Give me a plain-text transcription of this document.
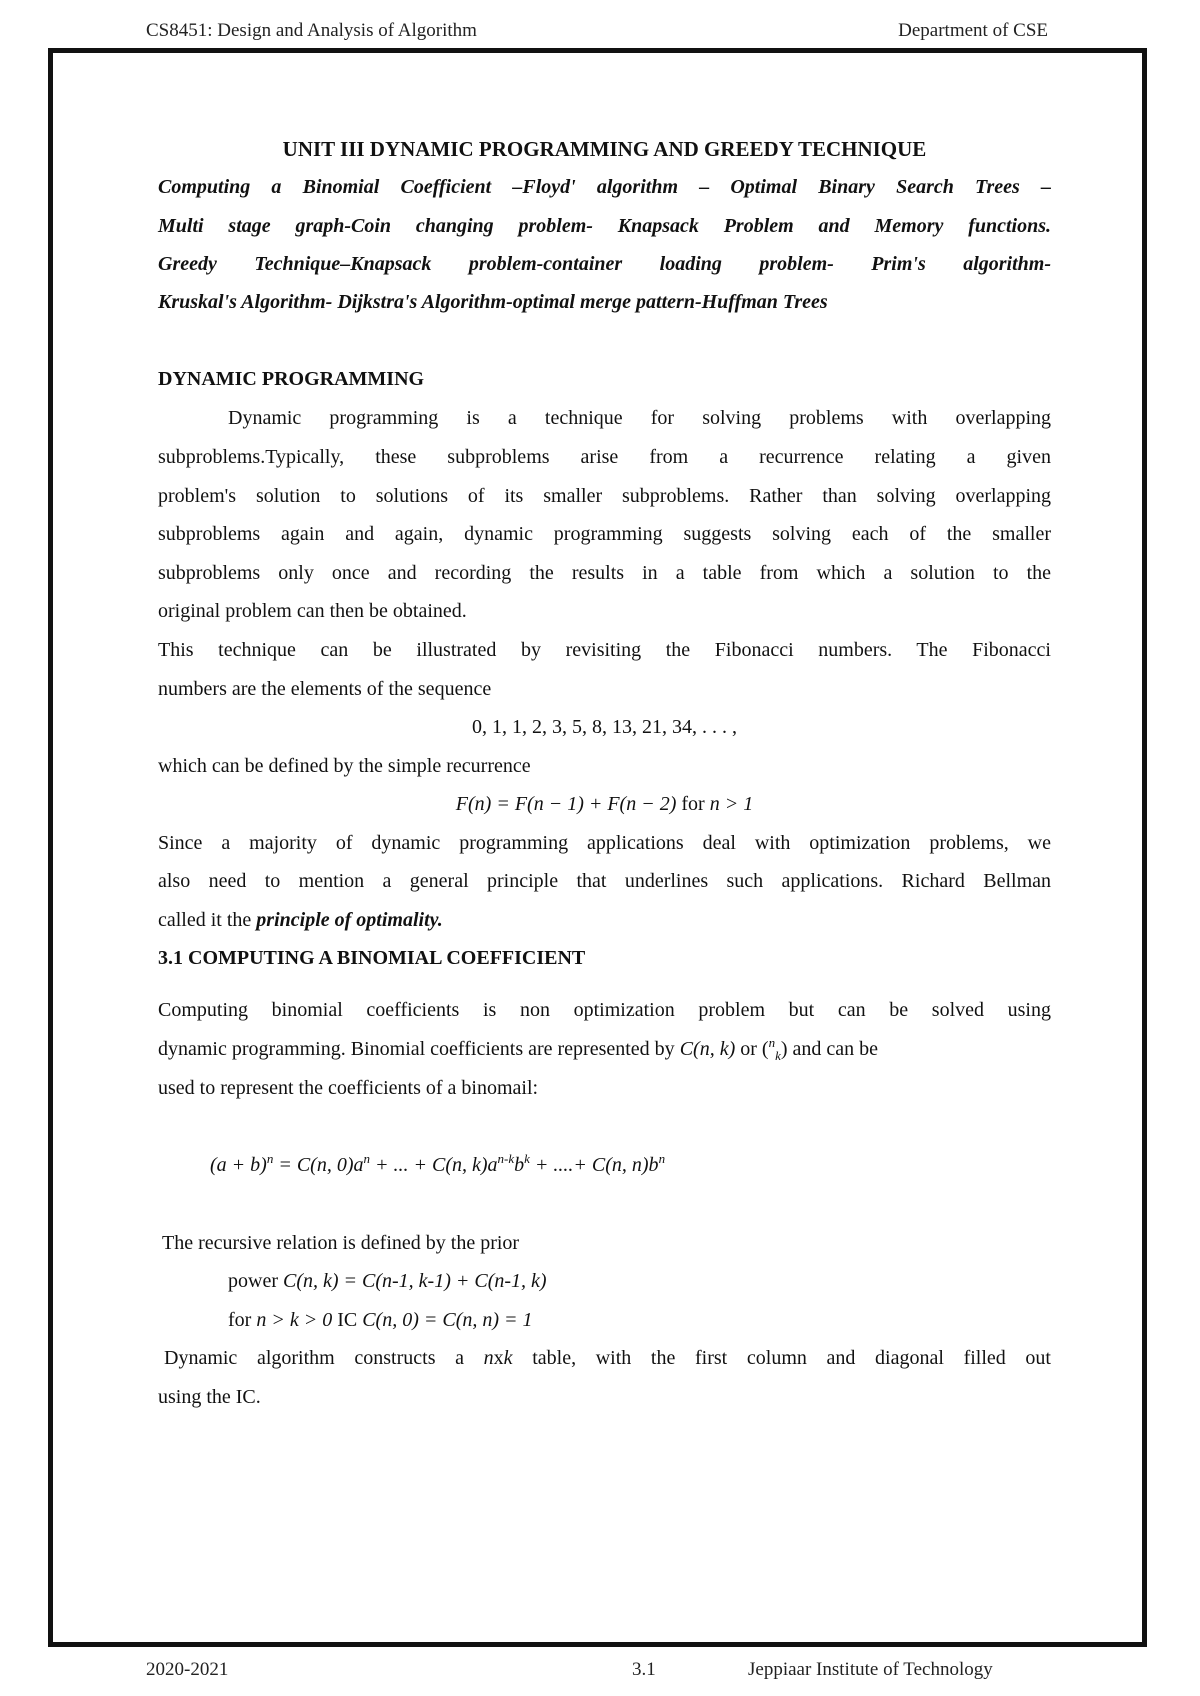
CS8451: Design and Analysis of Algorithm	Department of CSE
UNIT III DYNAMIC PROGRAMMING AND GREEDY TECHNIQUE
Computing a Binomial Coefficient –Floyd' algorithm – Optimal Binary Search Trees –
Multi stage graph-Coin changing problem- Knapsack Problem and Memory functions.
Greedy Technique–Knapsack problem-container loading problem- Prim's algorithm-
Kruskal's Algorithm- Dijkstra's Algorithm-optimal merge pattern-Huffman Trees
DYNAMIC PROGRAMMING
Dynamic programming is a technique for solving problems with overlapping
subproblems.Typically, these subproblems arise from a recurrence relating a given
problem's solution to solutions of its smaller subproblems. Rather than solving overlapping
subproblems again and again, dynamic programming suggests solving each of the smaller
subproblems only once and recording the results in a table from which a solution to the
original problem can then be obtained.
This technique can be illustrated by revisiting the Fibonacci numbers. The Fibonacci
numbers are the elements of the sequence
0, 1, 1, 2, 3, 5, 8, 13, 21, 34, . . . ,
which can be defined by the simple recurrence
F(n) = F(n − 1) + F(n − 2) for n > 1
Since a majority of dynamic programming applications deal with optimization problems, we
also need to mention a general principle that underlines such applications. Richard Bellman
called it the principle of optimality.
3.1 COMPUTING A BINOMIAL COEFFICIENT
Computing binomial coefficients is non optimization problem but can be solved using
dynamic programming. Binomial coefficients are represented by C(n, k) or ($^n_k$) and can be
used to represent the coefficients of a binomail:
$(a + b)^n = C(n$, $0)a^n$ + ... + C(n, $k)a^{n-k}b^k$ + ....+ C(n, $n)b^n$
The recursive relation is defined by the prior
power C(n, k) = C(n-1, k-1) + C(n-1, k)
for n > k > 0 IC C(n, 0) = C(n, n) = 1
Dynamic algorithm constructs a nxk table, with the first column and diagonal filled out
using the IC.
2020-2021	3.1	Jeppiaar Institute of Technology
